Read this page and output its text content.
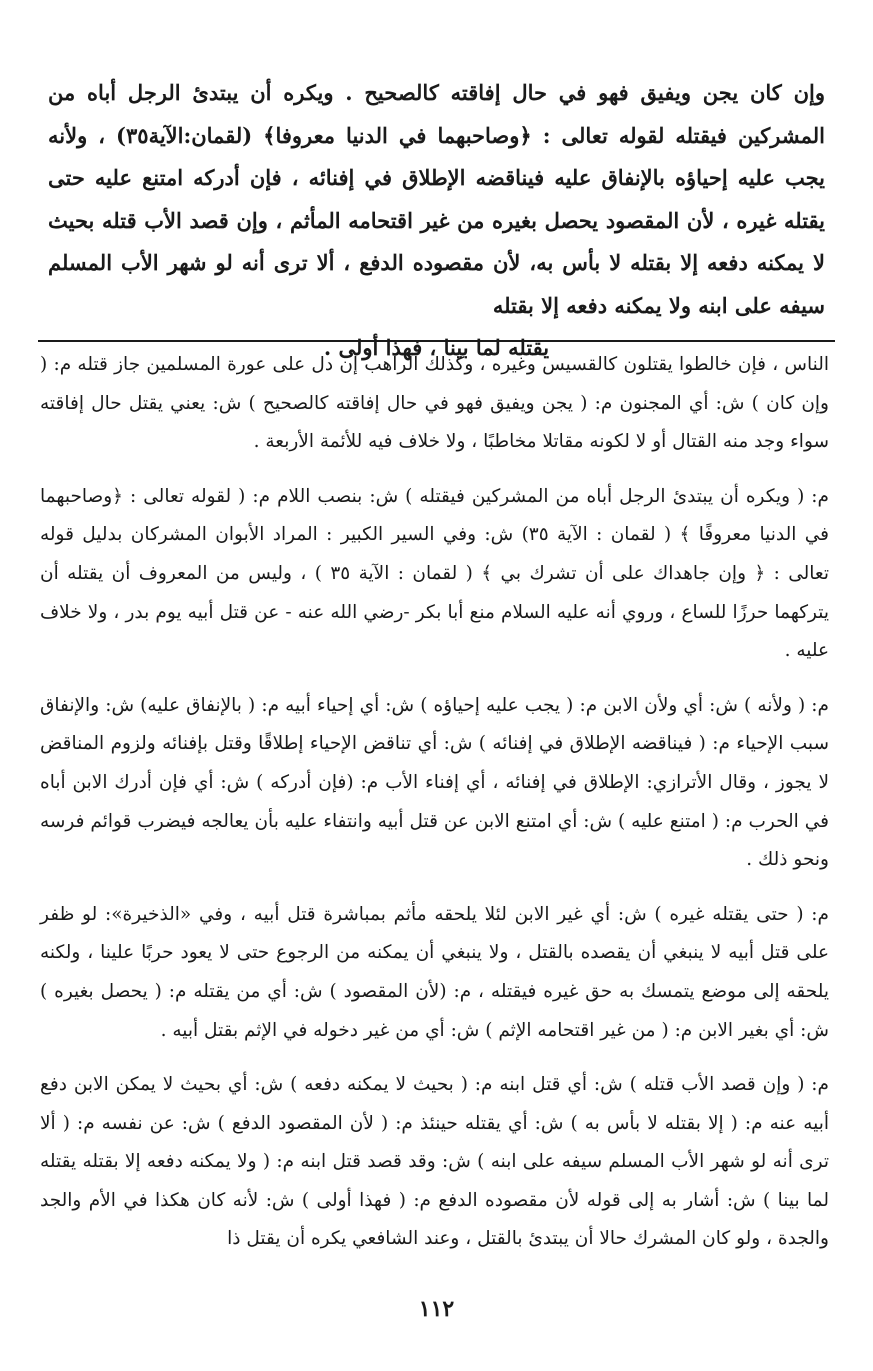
وإن كان يجن ويفيق فهو في حال إفاقته كالصحيح . ويكره أن يبتدئ الرجل أباه من المشركين فيقتله لقوله تعالى : ﴿وصاحبهما في الدنيا معروفا﴾ (لقمان:الآية٣٥) ، ولأنه يجب عليه إحياؤه بالإنفاق عليه فيناقضه الإطلاق في إفنائه ، فإن أدركه امتنع عليه حتى يقتله غيره ، لأن المقصود يحصل بغيره من غير اقتحامه المأثم ، وإن قصد الأب قتله بحيث لا يمكنه دفعه إلا بقتله لا بأس به، لأن مقصوده الدفع ، ألا ترى أنه لو شهر الأب المسلم سيفه على ابنه ولا يمكنه دفعه إلا بقتله

يقتله لما بينا ، فهذا أولى .

الناس ، فإن خالطوا يقتلون كالقسيس وغيره ، وكذلك الراهب إن دل على عورة المسلمين جاز قتله م: ( وإن كان ) ش: أي المجنون م: ( يجن ويفيق فهو في حال إفاقته كالصحيح ) ش: يعني يقتل حال إفاقته سواء وجد منه القتال أو لا لكونه مقاتلا مخاطبًا ، ولا خلاف فيه للأئمة الأربعة .

م: ( ويكره أن يبتدئ الرجل أباه من المشركين فيقتله ) ش: بنصب اللام م: ( لقوله تعالى : ﴿وصاحبهما في الدنيا معروفًا ﴾ ( لقمان : الآية ٣٥) ش: وفي السير الكبير : المراد الأبوان المشركان بدليل قوله تعالى : ﴿ وإن جاهداك على أن تشرك بي ﴾ ( لقمان : الآية ٣٥ ) ، وليس من المعروف أن يقتله أن يتركهما حرزًا للساع ، وروي أنه عليه السلام منع أبا بكر -رضي الله عنه - عن قتل أبيه يوم بدر ، ولا خلاف عليه .

م: ( ولأنه ) ش: أي ولأن الابن م: ( يجب عليه إحياؤه ) ش: أي إحياء أبيه م: ( بالإنفاق عليه) ش: والإنفاق سبب الإحياء م: ( فيناقضه الإطلاق في إفنائه ) ش: أي تناقض الإحياء إطلاقًا وقتل بإفنائه ولزوم المناقض لا يجوز ، وقال الأترازي: الإطلاق في إفنائه ، أي إفناء الأب م: (فإن أدركه ) ش: أي فإن أدرك الابن أباه في الحرب م: ( امتنع عليه ) ش: أي امتنع الابن عن قتل أبيه وانتفاء عليه بأن يعالجه فيضرب قوائم فرسه ونحو ذلك .

م: ( حتى يقتله غيره ) ش: أي غير الابن لئلا يلحقه مأثم بمباشرة قتل أبيه ، وفي «الذخيرة»: لو ظفر على قتل أبيه لا ينبغي أن يقصده بالقتل ، ولا ينبغي أن يمكنه من الرجوع حتى لا يعود حربًا علينا ، ولكنه يلحقه إلى موضع يتمسك به حق غيره فيقتله ، م: (لأن المقصود ) ش: أي من يقتله م: ( يحصل بغيره ) ش: أي بغير الابن م: ( من غير اقتحامه الإثم ) ش: أي من غير دخوله في الإثم بقتل أبيه .

م: ( وإن قصد الأب قتله ) ش: أي قتل ابنه م: ( بحيث لا يمكنه دفعه ) ش: أي بحيث لا يمكن الابن دفع أبيه عنه م: ( إلا بقتله لا بأس به ) ش: أي يقتله حينئذ م: ( لأن المقصود الدفع ) ش: عن نفسه م: ( ألا ترى أنه لو شهر الأب المسلم سيفه على ابنه ) ش: وقد قصد قتل ابنه م: ( ولا يمكنه دفعه إلا بقتله يقتله لما بينا ) ش: أشار به إلى قوله لأن مقصوده الدفع م: ( فهذا أولى ) ش: لأنه كان هكذا في الأم والجد والجدة ، ولو كان المشرك حالا أن يبتدئ بالقتل ، وعند الشافعي يكره أن يقتل ذا

١١٢
